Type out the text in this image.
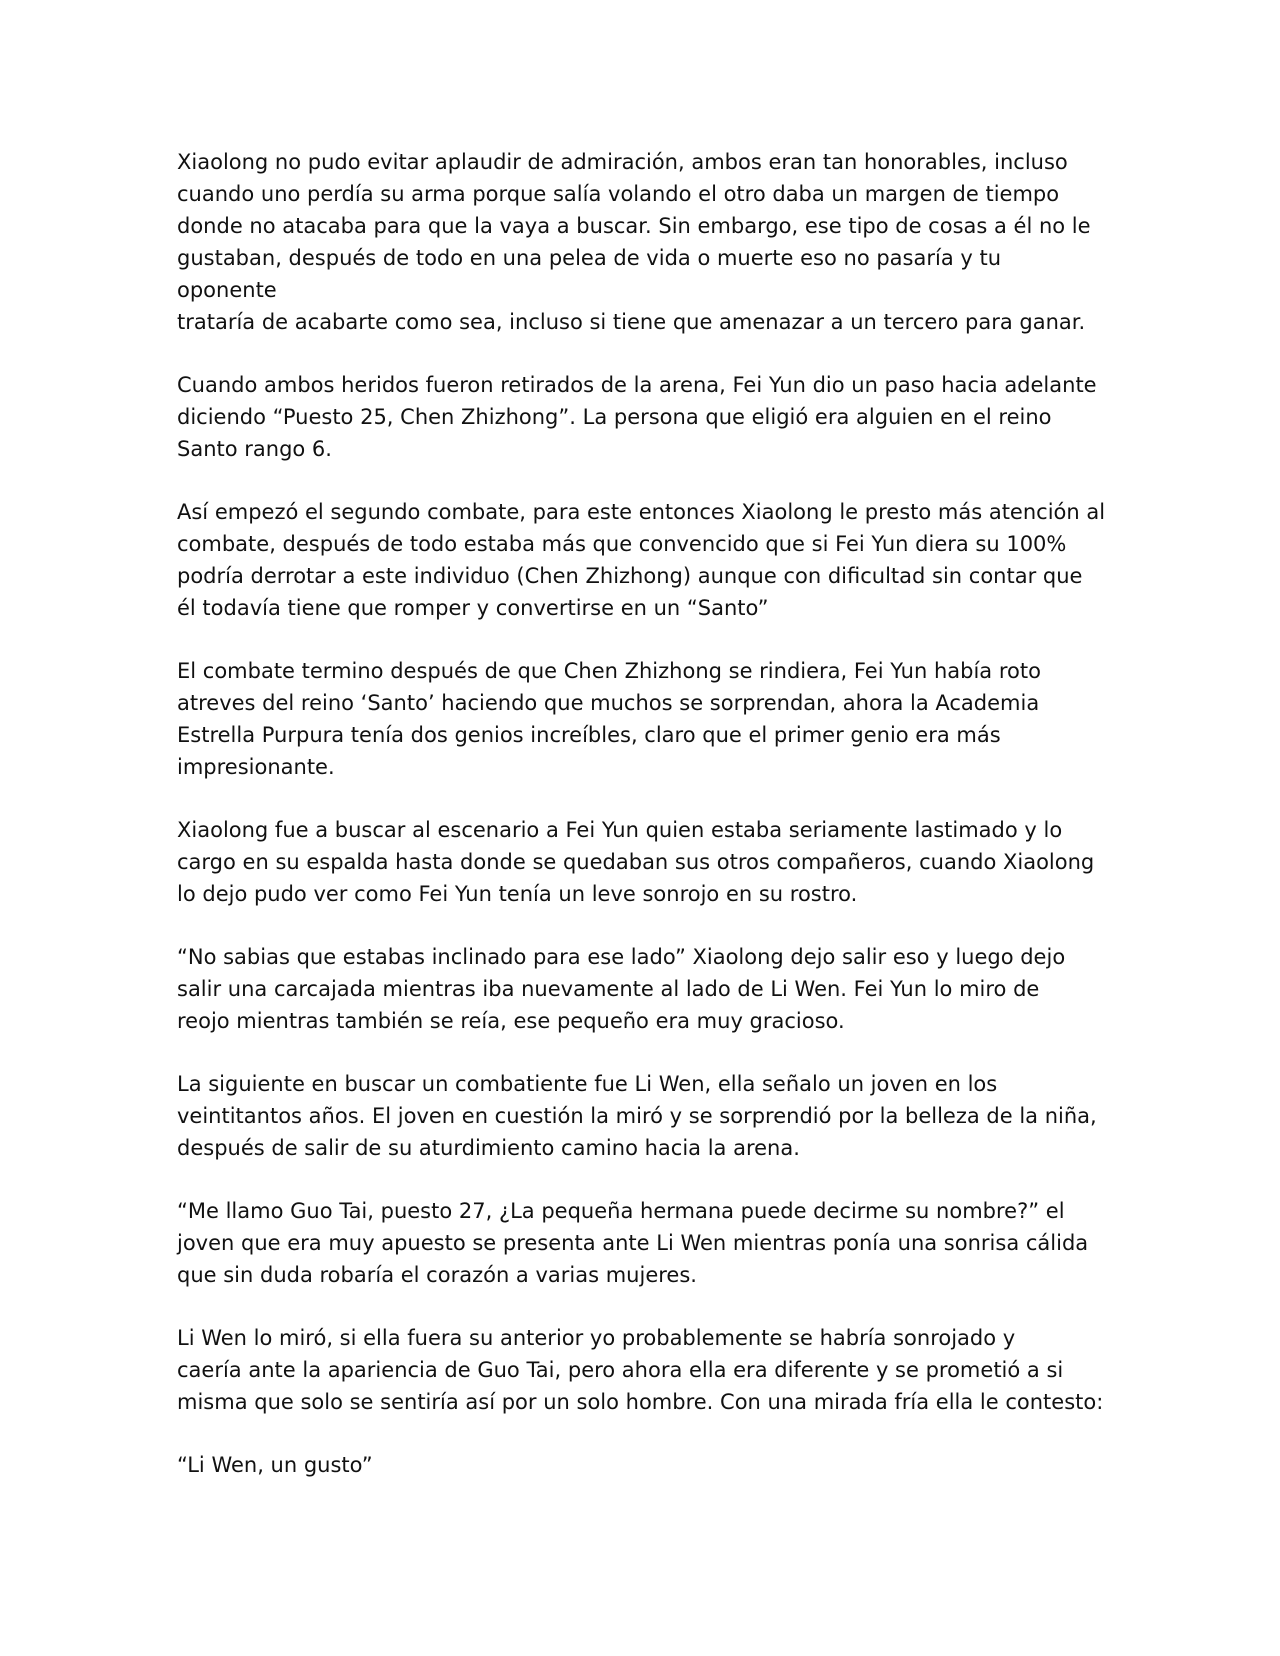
Xiaolong no pudo evitar aplaudir de admiración, ambos eran tan honorables, incluso
cuando uno perdía su arma porque salía volando el otro daba un margen de tiempo
donde no atacaba para que la vaya a buscar. Sin embargo, ese tipo de cosas a él no le
gustaban, después de todo en una pelea de vida o muerte eso no pasaría y tu oponente
trataría de acabarte como sea, incluso si tiene que amenazar a un tercero para ganar.

Cuando ambos heridos fueron retirados de la arena, Fei Yun dio un paso hacia adelante
diciendo “Puesto 25, Chen Zhizhong”. La persona que eligió era alguien en el reino
Santo rango 6.

Así empezó el segundo combate, para este entonces Xiaolong le presto más atención al
combate, después de todo estaba más que convencido que si Fei Yun diera su 100%
podría derrotar a este individuo (Chen Zhizhong) aunque con dificultad sin contar que
él todavía tiene que romper y convertirse en un “Santo”

El combate termino después de que Chen Zhizhong se rindiera, Fei Yun había roto
atreves del reino ‘Santo’ haciendo que muchos se sorprendan, ahora la Academia
Estrella Purpura tenía dos genios increíbles, claro que el primer genio era más
impresionante.

Xiaolong fue a buscar al escenario a Fei Yun quien estaba seriamente lastimado y lo
cargo en su espalda hasta donde se quedaban sus otros compañeros, cuando Xiaolong
lo dejo pudo ver como Fei Yun tenía un leve sonrojo en su rostro.

“No sabias que estabas inclinado para ese lado” Xiaolong dejo salir eso y luego dejo
salir una carcajada mientras iba nuevamente al lado de Li Wen. Fei Yun lo miro de
reojo mientras también se reía, ese pequeño era muy gracioso.

La siguiente en buscar un combatiente fue Li Wen, ella señalo un joven en los
veintitantos años. El joven en cuestión la miró y se sorprendió por la belleza de la niña,
después de salir de su aturdimiento camino hacia la arena.

“Me llamo Guo Tai, puesto 27, ¿La pequeña hermana puede decirme su nombre?” el
joven que era muy apuesto se presenta ante Li Wen mientras ponía una sonrisa cálida
que sin duda robaría el corazón a varias mujeres.

Li Wen lo miró, si ella fuera su anterior yo probablemente se habría sonrojado y
caería ante la apariencia de Guo Tai, pero ahora ella era diferente y se prometió a si
misma que solo se sentiría así por un solo hombre. Con una mirada fría ella le contesto:

“Li Wen, un gusto”
